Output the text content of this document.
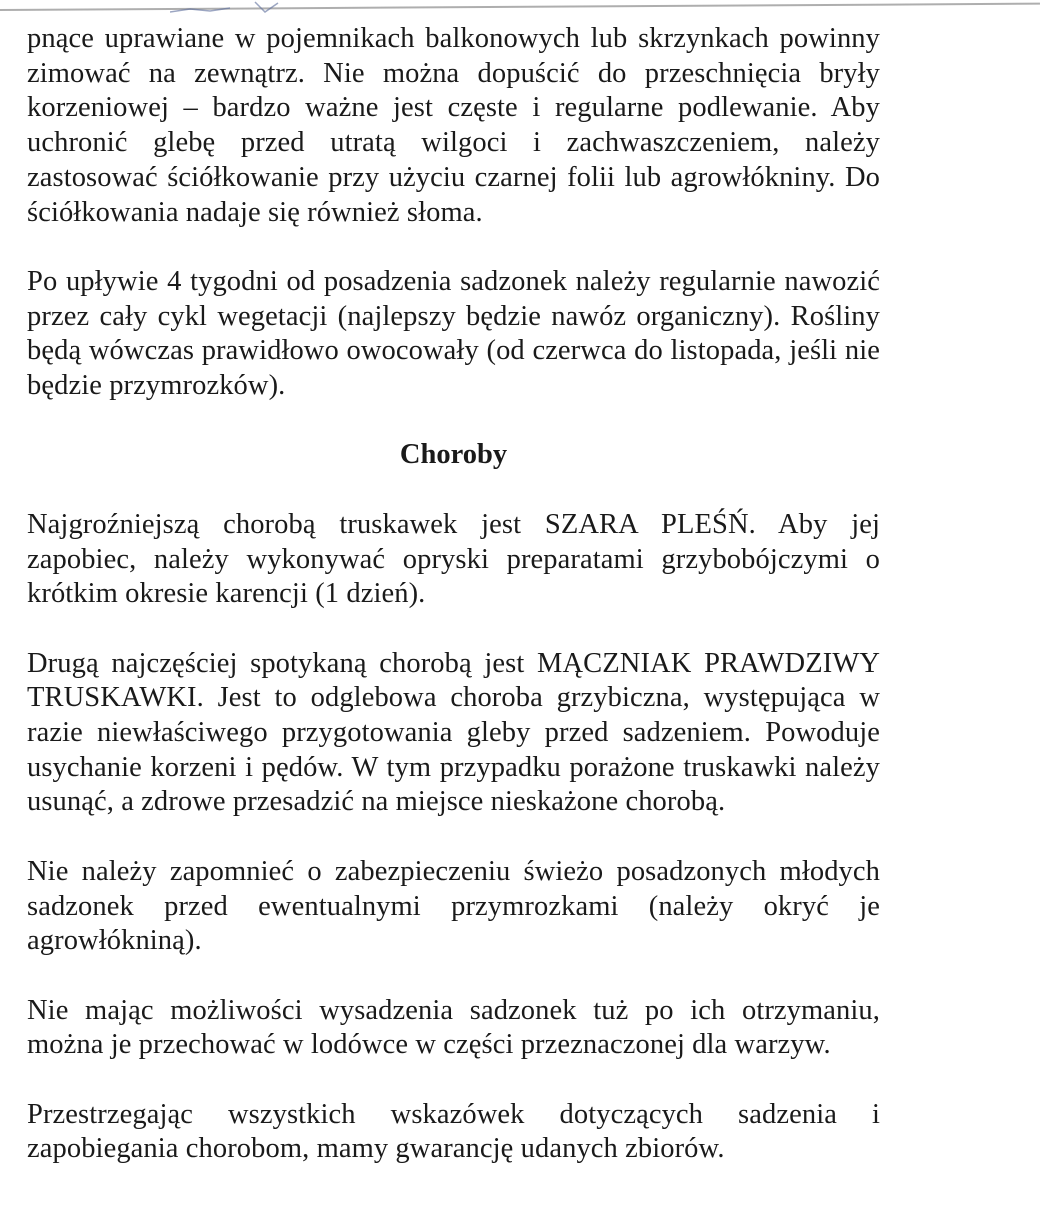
pnące uprawiane w pojemnikach balkonowych lub skrzynkach powinny zimować na zewnątrz. Nie można dopuścić do przeschnięcia bryły korzeniowej – bardzo ważne jest częste i regularne podlewanie. Aby uchronić glebę przed utratą wilgoci i zachwaszczeniem, należy zastosować ściółkowanie przy użyciu czarnej folii lub agrowłókniny. Do ściółkowania nadaje się również słoma.

Po upływie 4 tygodni od posadzenia sadzonek należy regularnie nawozić przez cały cykl wegetacji (najlepszy będzie nawóz organiczny). Rośliny będą wówczas prawidłowo owocowały (od czerwca do listopada, jeśli nie będzie przymrozków).

Choroby

Najgroźniejszą chorobą truskawek jest SZARA PLEŚŃ. Aby jej zapobiec, należy wykonywać opryski preparatami grzybobójczymi o krótkim okresie karencji (1 dzień).

Drugą najczęściej spotykaną chorobą jest MĄCZNIAK PRAWDZIWY TRUSKAWKI. Jest to odglebowa choroba grzybiczna, występująca w razie niewłaściwego przygotowania gleby przed sadzeniem. Powoduje usychanie korzeni i pędów. W tym przypadku porażone truskawki należy usunąć, a zdrowe przesadzić na miejsce nieskażone chorobą.

Nie należy zapomnieć o zabezpieczeniu świeżo posadzonych młodych sadzonek przed ewentualnymi przymrozkami (należy okryć je agrowłókniną).

Nie mając możliwości wysadzenia sadzonek tuż po ich otrzymaniu, można je przechować w lodówce w części przeznaczonej dla warzyw.

Przestrzegając wszystkich wskazówek dotyczących sadzenia i zapobiegania chorobom, mamy gwarancję udanych zbiorów.
